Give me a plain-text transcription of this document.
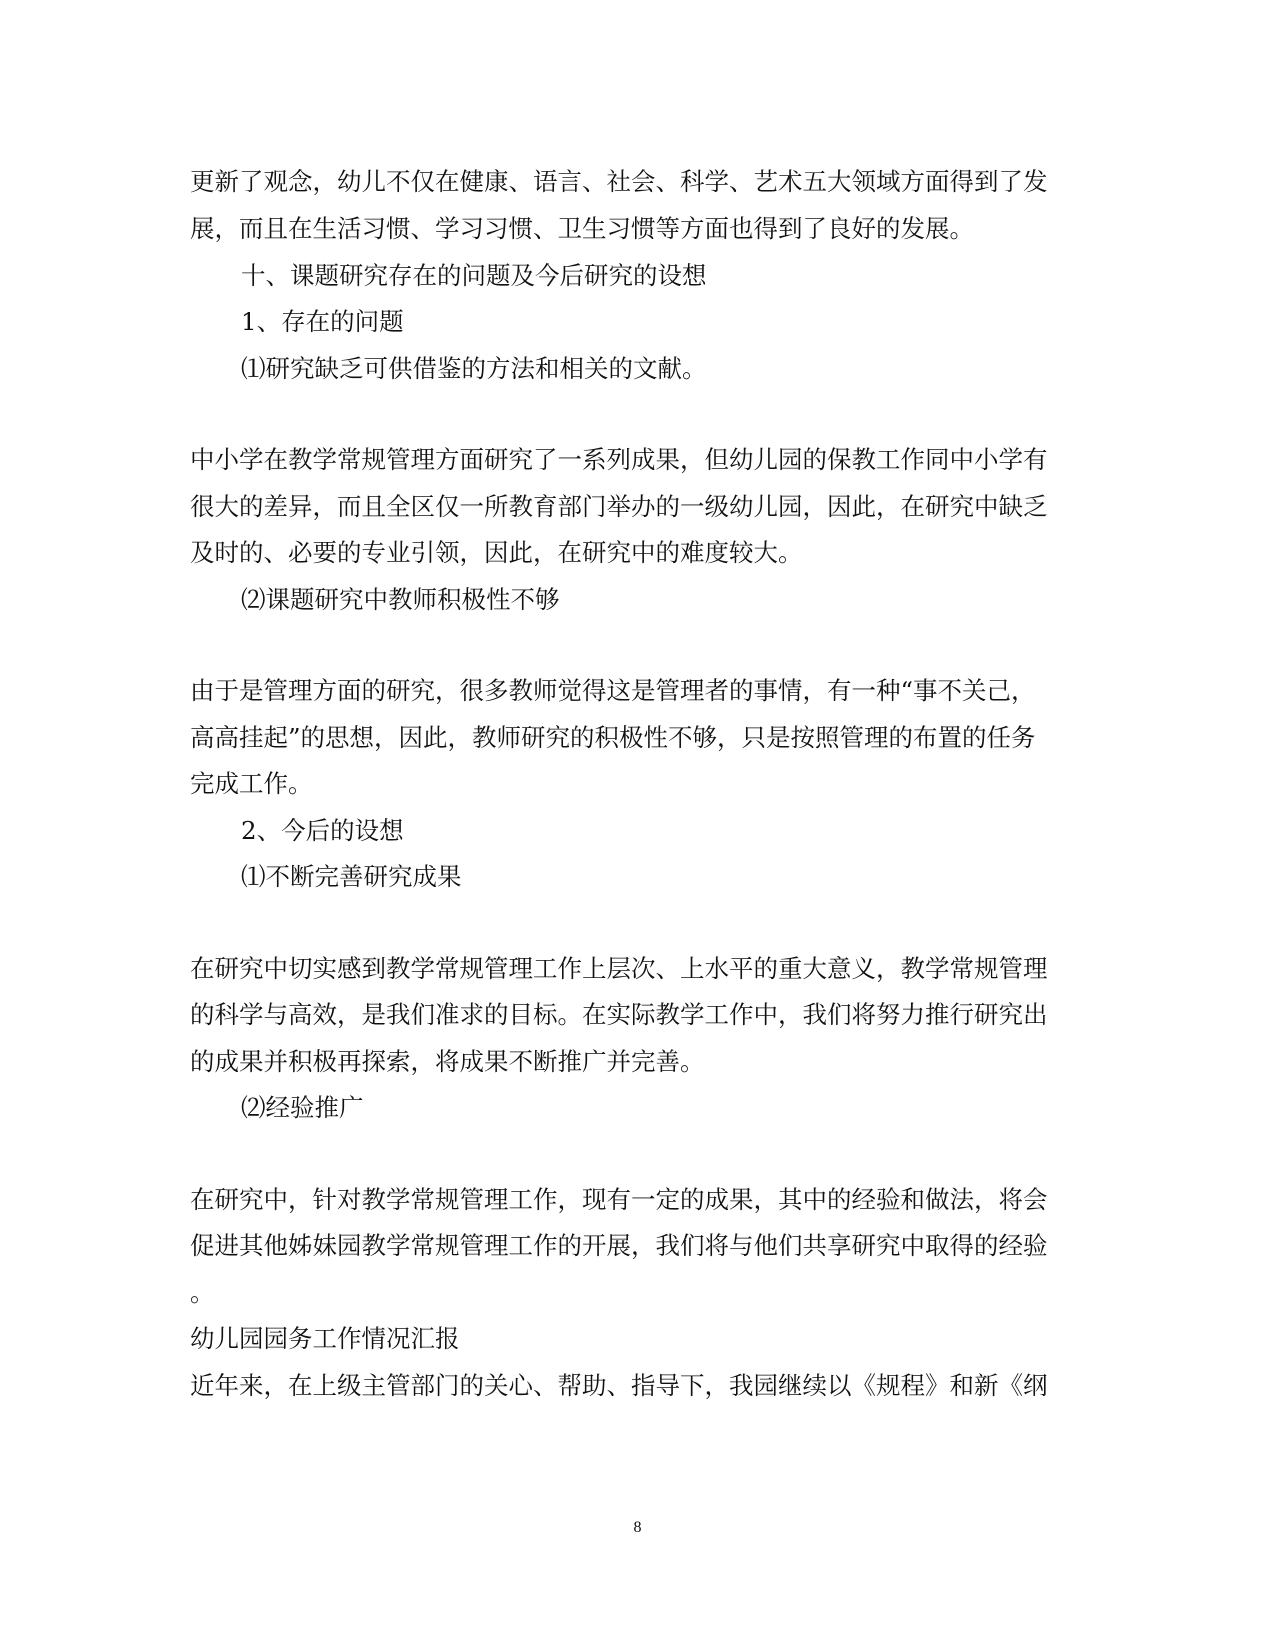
更新了观念，幼儿不仅在健康、语言、社会、科学、艺术五大领域方面得到了发
展，而且在生活习惯、学习习惯、卫生习惯等方面也得到了良好的发展。
十、课题研究存在的问题及今后研究的设想
1、存在的问题
⑴研究缺乏可供借鉴的方法和相关的文献。
中小学在教学常规管理方面研究了一系列成果，但幼儿园的保教工作同中小学有
很大的差异，而且全区仅一所教育部门举办的一级幼儿园，因此，在研究中缺乏
及时的、必要的专业引领，因此，在研究中的难度较大。
⑵课题研究中教师积极性不够
由于是管理方面的研究，很多教师觉得这是管理者的事情，有一种“事不关己，
高高挂起”的思想，因此，教师研究的积极性不够，只是按照管理的布置的任务
完成工作。
2、今后的设想
⑴不断完善研究成果
在研究中切实感到教学常规管理工作上层次、上水平的重大意义，教学常规管理
的科学与高效，是我们准求的目标。在实际教学工作中，我们将努力推行研究出
的成果并积极再探索，将成果不断推广并完善。
⑵经验推广
在研究中，针对教学常规管理工作，现有一定的成果，其中的经验和做法，将会
促进其他姊妹园教学常规管理工作的开展，我们将与他们共享研究中取得的经验
。
幼儿园园务工作情况汇报
近年来，在上级主管部门的关心、帮助、指导下，我园继续以《规程》和新《纲
8
